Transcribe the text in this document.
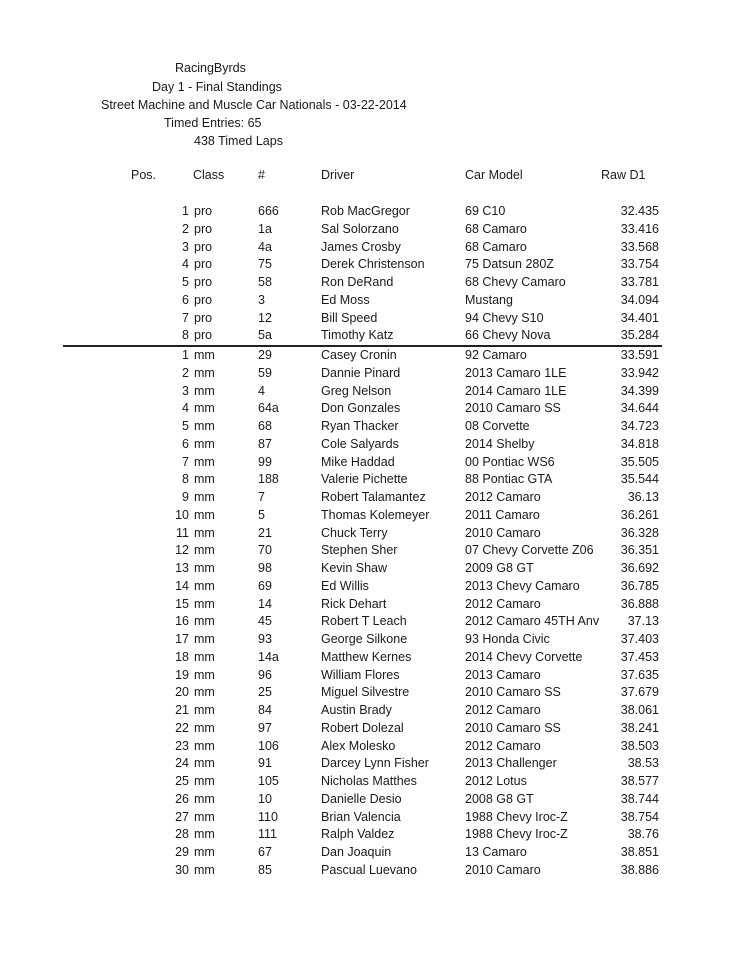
RacingByrds
Day 1 - Final Standings
Street Machine and Muscle Car Nationals - 03-22-2014
Timed Entries: 65
438 Timed Laps
Pos.	Class	#	Driver	Car Model	Raw D1
1 pro	666	Rob MacGregor	69 C10	32.435
2 pro	1a	Sal Solorzano	68 Camaro	33.416
3 pro	4a	James Crosby	68 Camaro	33.568
4 pro	75	Derek Christenson	75 Datsun 280Z	33.754
5 pro	58	Ron DeRand	68 Chevy Camaro	33.781
6 pro	3	Ed Moss	Mustang	34.094
7 pro	12	Bill Speed	94 Chevy S10	34.401
8 pro	5a	Timothy Katz	66 Chevy Nova	35.284
1 mm	29	Casey Cronin	92 Camaro	33.591
2 mm	59	Dannie Pinard	2013 Camaro 1LE	33.942
3 mm	4	Greg Nelson	2014 Camaro 1LE	34.399
4 mm	64a	Don Gonzales	2010 Camaro SS	34.644
5 mm	68	Ryan Thacker	08 Corvette	34.723
6 mm	87	Cole Salyards	2014 Shelby	34.818
7 mm	99	Mike Haddad	00 Pontiac WS6	35.505
8 mm	188	Valerie Pichette	88 Pontiac GTA	35.544
9 mm	7	Robert Talamantez	2012 Camaro	36.13
10 mm	5	Thomas Kolemeyer	2011 Camaro	36.261
11 mm	21	Chuck Terry	2010 Camaro	36.328
12 mm	70	Stephen Sher	07 Chevy Corvette Z06 36.351
13 mm	98	Kevin Shaw	2009 G8 GT	36.692
14 mm	69	Ed Willis	2013 Chevy Camaro	36.785
15 mm	14	Rick Dehart	2012 Camaro	36.888
16 mm	45	Robert T Leach	2012 Camaro 45TH Anv 37.13
17 mm	93	George Silkone	93 Honda Civic	37.403
18 mm	14a	Matthew Kernes	2014 Chevy Corvette	37.453
19 mm	96	William Flores	2013 Camaro	37.635
20 mm	25	Miguel Silvestre	2010 Camaro SS	37.679
21 mm	84	Austin Brady	2012 Camaro	38.061
22 mm	97	Robert Dolezal	2010 Camaro SS	38.241
23 mm	106	Alex Molesko	2012 Camaro	38.503
24 mm	91	Darcey Lynn Fisher	2013 Challenger	38.53
25 mm	105	Nicholas Matthes	2012 Lotus	38.577
26 mm	10	Danielle Desio	2008 G8 GT	38.744
27 mm	110	Brian Valencia	1988 Chevy Iroc-Z	38.754
28 mm	111	Ralph Valdez	1988 Chevy Iroc-Z	38.76
29 mm	67	Dan Joaquin	13 Camaro	38.851
30 mm	85	Pascual Luevano	2010 Camaro	38.886
